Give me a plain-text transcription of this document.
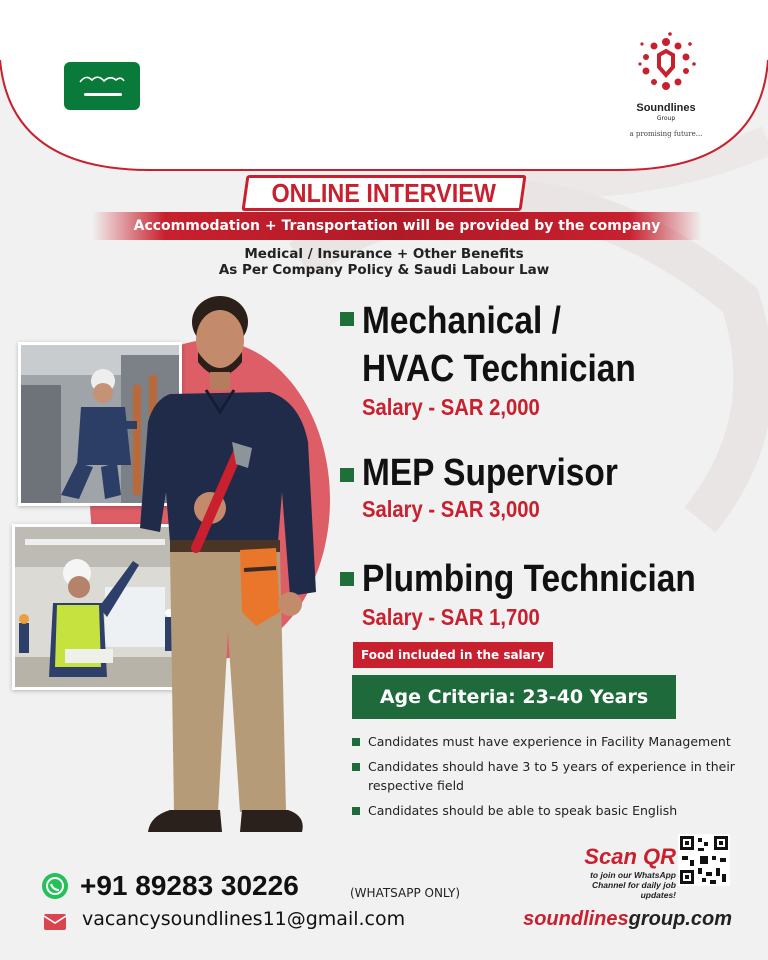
Soundlines
Group
a promising future...
ONLINE INTERVIEW
Accommodation + Transportation will be provided by the company
Medical / Insurance + Other Benefits
As Per Company Policy & Saudi Labour Law
Mechanical /
HVAC Technician
Salary - SAR 2,000
MEP Supervisor
Salary - SAR 3,000
Plumbing Technician
Salary - SAR 1,700
Food included in the salary
Age Criteria: 23-40 Years
Candidates must have experience in Facility Management
Candidates should have 3 to 5 years of experience in their respective field
Candidates should be able to speak basic English
+91 89283 30226	(WHATSAPP ONLY)
vacancysoundlines11@gmail.com
Scan QR
to join our WhatsApp
Channel for daily job updates!
soundlinesgroup.com
